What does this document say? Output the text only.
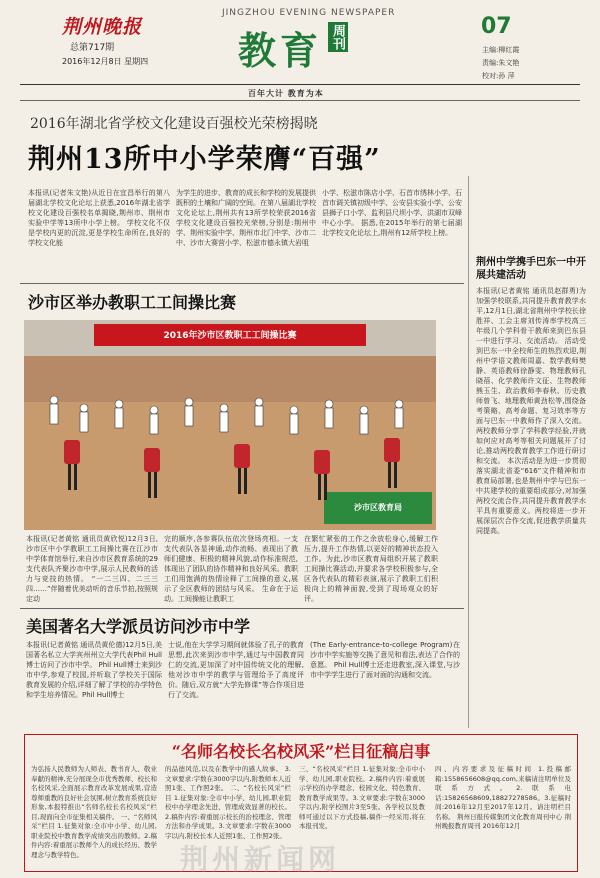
荆州晚报
总第717期
2016年12月8日 星期四
JINGZHOU EVENING NEWSPAPER
教育 周刊	07
主编:柳红霞
责编:朱文艳
校对:孙 萍
百年大计 教育为本
2016年湖北省学校文化建设百强校光荣榜揭晓
荆州13所中小学荣膺“百强”
本报讯(记者朱文艳)从近日在宜昌举行的第八届湖北学校文化论坛上获悉,2016年湖北省学校文化建设百强校名单揭晓,荆州市、荆州市实验中学等13所中小学上榜。 学校文化不仅是学校内更的沉淀,更是学校生命所在,良好的学校文化能
为学生的进步、教育的成长和学校的发展提供既积的土壤和广阔的空间。在第八届湖北学校文化论坛上,荆州共有13所学校荣获2016省学校文化建设百强校光荣榜,分别是:荆州中学、荆州实验中学、荆州市北门中学、沙市二中、沙市大赛营小学、松滋市德永镇大岩咀
小学、松滋市陈店小学、石首市绣林小学、石首市调关镇初级中学、公安县实验小学、公安县狮子口小学、监利县尺坝小学、洪湖市双峰中心小学。 据悉,在2015年举行的第七届湖北学校文化论坛上,荆州有12所学校上榜。
荆州中学携手巴东一中开展共建活动
本报讯(记者黄铭 通讯员赵群勇)为加强学校联系,共同提升教育教学水平,12月1日,湖北省荆州中学校长徐胜祥、工会主席刘传涛率学校高三年级几个学科骨干教师来到巴东县一中进行学习、交流活动。 活动受到巴东一中全校师生的热烈欢迎,荆州中学语文教师周嘉、数学教师樊静、英语教师徐静雯、物理教师孔晓蓓、化学教师许文征、生物教师熊玉生、政治教师李春秋、历史教师曾飞、地理教师黄劲松等,围绕备考策略、高考命题、复习效率等方面与巴东一中教师作了深入交流。两校教师分享了学科教学经验,并就如何应对高考等相关问题展开了讨论,推动两校教育教学工作进行研讨和交流。 本次活动是为进一步贯彻落实湖北省委“616”文件精神和市教育局部署,也是荆州中学与巴东一中共建学校的重要组成部分,对加强两校交流合作,共同提升教育教学水平具有重要意义。两校将进一步开展深层次合作交流,促进教学质量共同提高。
沙市区举办教职工工间操比赛
2016年沙市区教职工工间操比赛
沙市区教育局
本报讯(记者黄铭 通讯员黄欣悦)12月3日,沙市区中小学教职工工间操比赛在江沙市中学体育馆举行,来自沙市区教育系统的29支代表队齐聚沙市中学,展示人民教师的活力与竞技的热情。 “一二三四、二三三四……”伴随着优美动听的音乐节拍,按照规定动
完的顺序,各参赛队伍依次登场亮相。一支支代表队各显神通,动作流畅、表现出了教师们健康、积极的精神风貌,动作标准规范,体现出了团队的协作精神和良好风采。教职工们用饱满的热情诠释了工间操的意义,展示了全区教师的团结与风采。 生命在于运动。工间操能让教职工
在繁忙紧张的工作之余放松身心,缓解工作压力,提升工作热情,以更好的精神状态投入工作。为此,沙市区教育局组织开展了教职工间操比赛活动,并要求各学校积极参与,全区各代表队的精彩表演,展示了教职工们积极向上的精神面貌,受到了现场观众的好评。
美国著名大学派员访问沙市中学
本报讯(记者黄铭 通讯员黄伦德)12月5日,美国著名私立大学宾州州立大学代表Phil Hull博士访问了沙市中学。 Phil Hull博士来到沙市中学,参观了校园,并听取了学校关于国际教育发展的介绍,详细了解了学校的办学特色和学生培养情况。Phil Hull博士
士说,他在大学学习期间就体验了孔子的教育思想,此次来到沙市中学,通过与中国教育同仁的交流,更加深了对中国传统文化的理解,他对沙市中学的教学与管理给予了高度评价。随后,双方就“大学先修课”等合作项目进行了交流。
(The Early-entrance-to-college Program)在沙市中学实施等交换了意见和看法,表达了合作的意愿。 Phil Hull博士还走进教室,深入课堂,与沙市中学学生进行了面对面的沟通和交流。
“名师名校长名校风采”栏目征稿启事
为弘扬人民教师为人师表、教书育人、敬业奉献的精神,充分展现全市优秀教师、校长和名校风采,全面展示教育改革发展成果,营造尊师重教的良好社会氛围,树立教育系统良好形象,本报特推出“名师名校长名校风采”栏目,现面向全市征集相关稿件。 一、“名师风采”栏目 1.征集对象:全市中小学、幼儿园,职业院校中教育教学成绩突出的教师。2.稿件内容:着重展示教师个人的成长经历、教学理念与教学特色。
的品德风范,以及在教学中的感人故事。 3.文章要求:字数在3000字以内,附教师本人近照1张、工作照2张。 二、“名校长风采”栏目 1.征集对象:全市中小学、幼儿园,职业院校中办学理念先进、管理成效显著的校长。2.稿件内容:着重展示校长的治校理念、管理方法和办学成果。3.文章要求:字数在3000字以内,附校长本人近照1张、工作照2张。
三、“名校风采”栏目 1.征集对象:全市中小学、幼儿园,职业院校。2.稿件内容:着重展示学校的办学理念、校园文化、特色教育、教育教学成果等。3.文章要求:字数在3000字以内,附学校图片3至5张。各学校以及教师可通过以下方式投稿,稿件一经采用,将在本报刊发。
四、内容要求及征稿时间 1.投稿邮箱:1558656608@qq.com,来稿请注明单位及联系方式。2.联系电话:15826568609,18827278586。3.征稿时间:2016年12月至2017年12月。请注明栏目名称。 荆州日报传媒集团文化教育周刊中心 荆州晚报教育周刊 2016年12月
荆州新闻网
